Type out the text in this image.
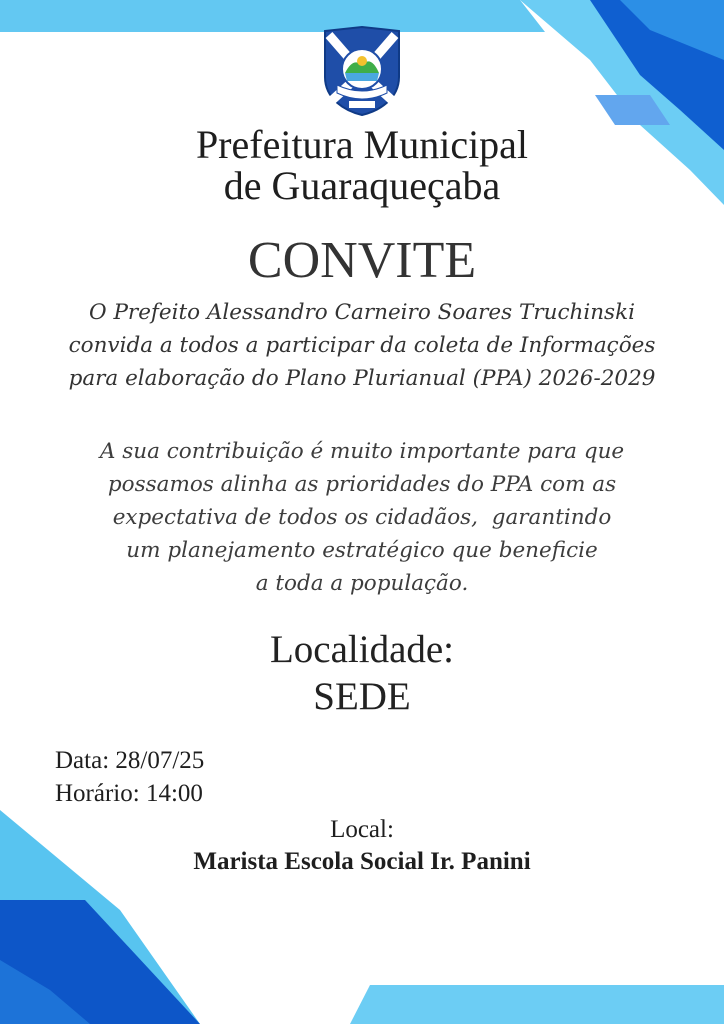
Prefeitura Municipal
de Guaraqueçaba
CONVITE
O Prefeito Alessandro Carneiro Soares Truchinski
convida a todos a participar da coleta de Informações
para elaboração do Plano Plurianual (PPA) 2026-2029
A sua contribuição é muito importante para que
possamos alinha as prioridades do PPA com as
expectativa de todos os cidadãos,  garantindo
um planejamento estratégico que beneficie
a toda a população.
Localidade:
SEDE
Data: 28/07/25
Horário: 14:00
Local:
Marista Escola Social Ir. Panini
